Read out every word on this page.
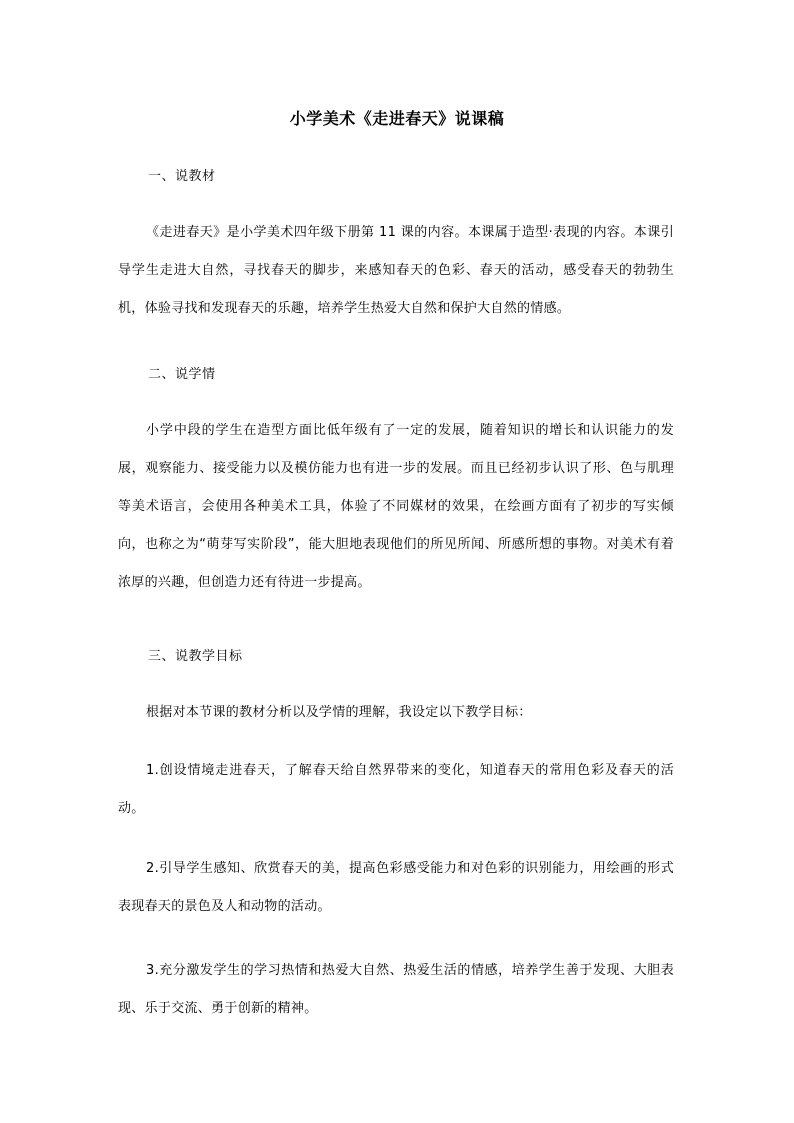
小学美术《走进春天》说课稿
一、说教材

《走进春天》是小学美术四年级下册第 11 课的内容。本课属于造型·表现的内容。本课引导学生走进大自然，寻找春天的脚步，来感知春天的色彩、春天的活动，感受春天的勃勃生机，体验寻找和发现春天的乐趣，培养学生热爱大自然和保护大自然的情感。

二、说学情

小学中段的学生在造型方面比低年级有了一定的发展，随着知识的增长和认识能力的发展，观察能力、接受能力以及模仿能力也有进一步的发展。而且已经初步认识了形、色与肌理等美术语言，会使用各种美术工具，体验了不同媒材的效果，在绘画方面有了初步的写实倾向，也称之为“萌芽写实阶段”，能大胆地表现他们的所见所闻、所感所想的事物。对美术有着浓厚的兴趣，但创造力还有待进一步提高。

三、说教学目标

根据对本节课的教材分析以及学情的理解，我设定以下教学目标：

1.创设情境走进春天，了解春天给自然界带来的变化，知道春天的常用色彩及春天的活动。

2.引导学生感知、欣赏春天的美，提高色彩感受能力和对色彩的识别能力，用绘画的形式表现春天的景色及人和动物的活动。

3.充分激发学生的学习热情和热爱大自然、热爱生活的情感，培养学生善于发现、大胆表现、乐于交流、勇于创新的精神。
